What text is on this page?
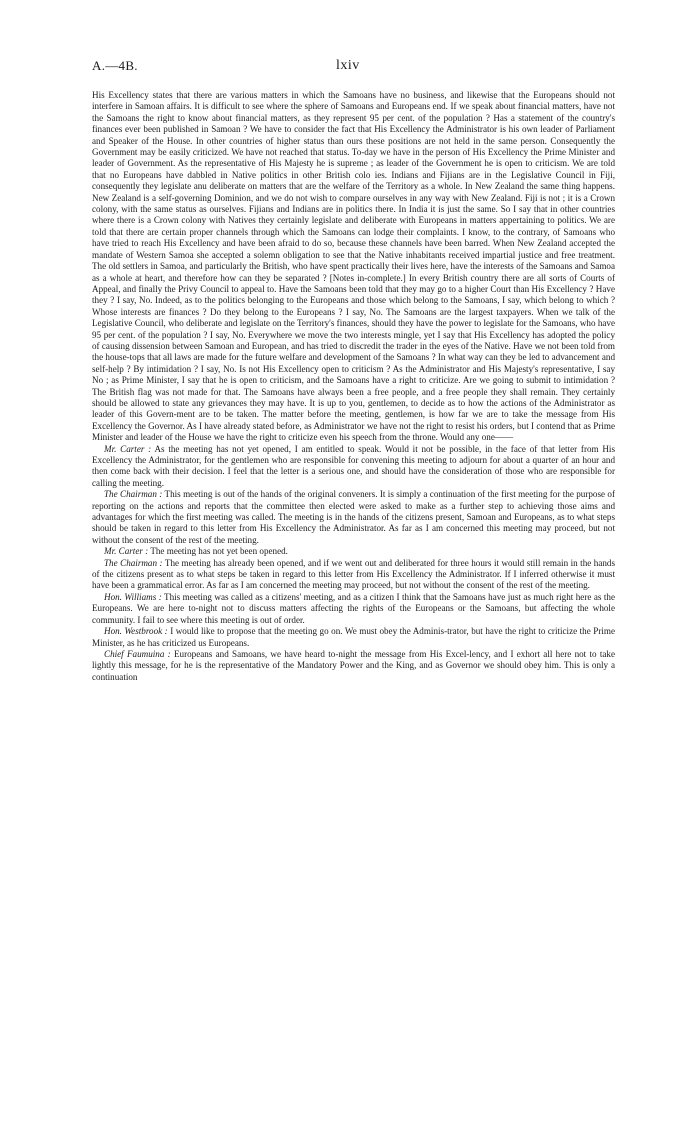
A.—4B.	lxiv

His Excellency states that there are various matters in which the Samoans have no business, and likewise that the Europeans should not interfere in Samoan affairs. It is difficult to see where the sphere of Samoans and Europeans end. If we speak about financial matters, have not the Samoans the right to know about financial matters, as they represent 95 per cent. of the population ? Has a statement of the country's finances ever been published in Samoan ? We have to consider the fact that His Excellency the Administrator is his own leader of Parliament and Speaker of the House. In other countries of higher status than ours these positions are not held in the same person. Consequently the Government may be easily criticized. We have not reached that status. To-day we have in the person of His Excellency the Prime Minister and leader of Government. As the representative of His Majesty he is supreme ; as leader of the Government he is open to criticism. We are told that no Europeans have dabbled in Native politics in other British colo ies. Indians and Fijians are in the Legislative Council in Fiji, consequently they legislate anu deliberate on matters that are the welfare of the Territory as a whole. In New Zealand the same thing happens. New Zealand is a self-governing Dominion, and we do not wish to compare ourselves in any way with New Zealand. Fiji is not ; it is a Crown colony, with the same status as ourselves. Fijians and Indians are in politics there. In India it is just the same. So I say that in other countries where there is a Crown colony with Natives they certainly legislate and deliberate with Europeans in matters appertaining to politics. We are told that there are certain proper channels through which the Samoans can lodge their complaints. I know, to the contrary, of Samoans who have tried to reach His Excellency and have been afraid to do so, because these channels have been barred. When New Zealand accepted the mandate of Western Samoa she accepted a solemn obligation to see that the Native inhabitants received impartial justice and free treatment. The old settlers in Samoa, and particularly the British, who have spent practically their lives here, have the interests of the Samoans and Samoa as a whole at heart, and therefore how can they be separated ? [Notes in-complete.] In every British country there are all sorts of Courts of Appeal, and finally the Privy Council to appeal to. Have the Samoans been told that they may go to a higher Court than His Excellency ? Have they ? I say, No. Indeed, as to the politics belonging to the Europeans and those which belong to the Samoans, I say, which belong to which ? Whose interests are finances ? Do they belong to the Europeans ? I say, No. The Samoans are the largest taxpayers. When we talk of the Legislative Council, who deliberate and legislate on the Territory's finances, should they have the power to legislate for the Samoans, who have 95 per cent. of the population ? I say, No. Everywhere we move the two interests mingle, yet I say that His Excellency has adopted the policy of causing dissension between Samoan and European, and has tried to discredit the trader in the eyes of the Native. Have we not been told from the house-tops that all laws are made for the future welfare and development of the Samoans ? In what way can they be led to advancement and self-help ? By intimidation ? I say, No. Is not His Excellency open to criticism ? As the Administrator and His Majesty's representative, I say No ; as Prime Minister, I say that he is open to criticism, and the Samoans have a right to criticize. Are we going to submit to intimidation ? The British flag was not made for that. The Samoans have always been a free people, and a free people they shall remain. They certainly should be allowed to state any grievances they may have. It is up to you, gentlemen, to decide as to how the actions of the Administrator as leader of this Govern-ment are to be taken. The matter before the meeting, gentlemen, is how far we are to take the message from His Excellency the Governor. As I have already stated before, as Administrator we have not the right to resist his orders, but I contend that as Prime Minister and leader of the House we have the right to criticize even his speech from the throne. Would any one——

Mr. Carter : As the meeting has not yet opened, I am entitled to speak. Would it not be possible, in the face of that letter from His Excellency the Administrator, for the gentlemen who are responsible for convening this meeting to adjourn for about a quarter of an hour and then come back with their decision. I feel that the letter is a serious one, and should have the consideration of those who are responsible for calling the meeting.

The Chairman : This meeting is out of the hands of the original conveners. It is simply a continuation of the first meeting for the purpose of reporting on the actions and reports that the committee then elected were asked to make as a further step to achieving those aims and advantages for which the first meeting was called. The meeting is in the hands of the citizens present, Samoan and Europeans, as to what steps should be taken in regard to this letter from His Excellency the Administrator. As far as I am concerned this meeting may proceed, but not without the consent of the rest of the meeting.

Mr. Carter : The meeting has not yet been opened.

The Chairman : The meeting has already been opened, and if we went out and deliberated for three hours it would still remain in the hands of the citizens present as to what steps be taken in regard to this letter from His Excellency the Administrator. If I inferred otherwise it must have been a grammatical error. As far as I am concerned the meeting may proceed, but not without the consent of the rest of the meeting.

Hon. Williams : This meeting was called as a citizens' meeting, and as a citizen I think that the Samoans have just as much right here as the Europeans. We are here to-night not to discuss matters affecting the rights of the Europeans or the Samoans, but affecting the whole community. I fail to see where this meeting is out of order.

Hon. Westbrook : I would like to propose that the meeting go on. We must obey the Adminis-trator, but have the right to criticize the Prime Minister, as he has criticized us Europeans.

Chief Faumuina : Europeans and Samoans, we have heard to-night the message from His Excel-lency, and I exhort all here not to take lightly this message, for he is the representative of the Mandatory Power and the King, and as Governor we should obey him. This is only a continuation
